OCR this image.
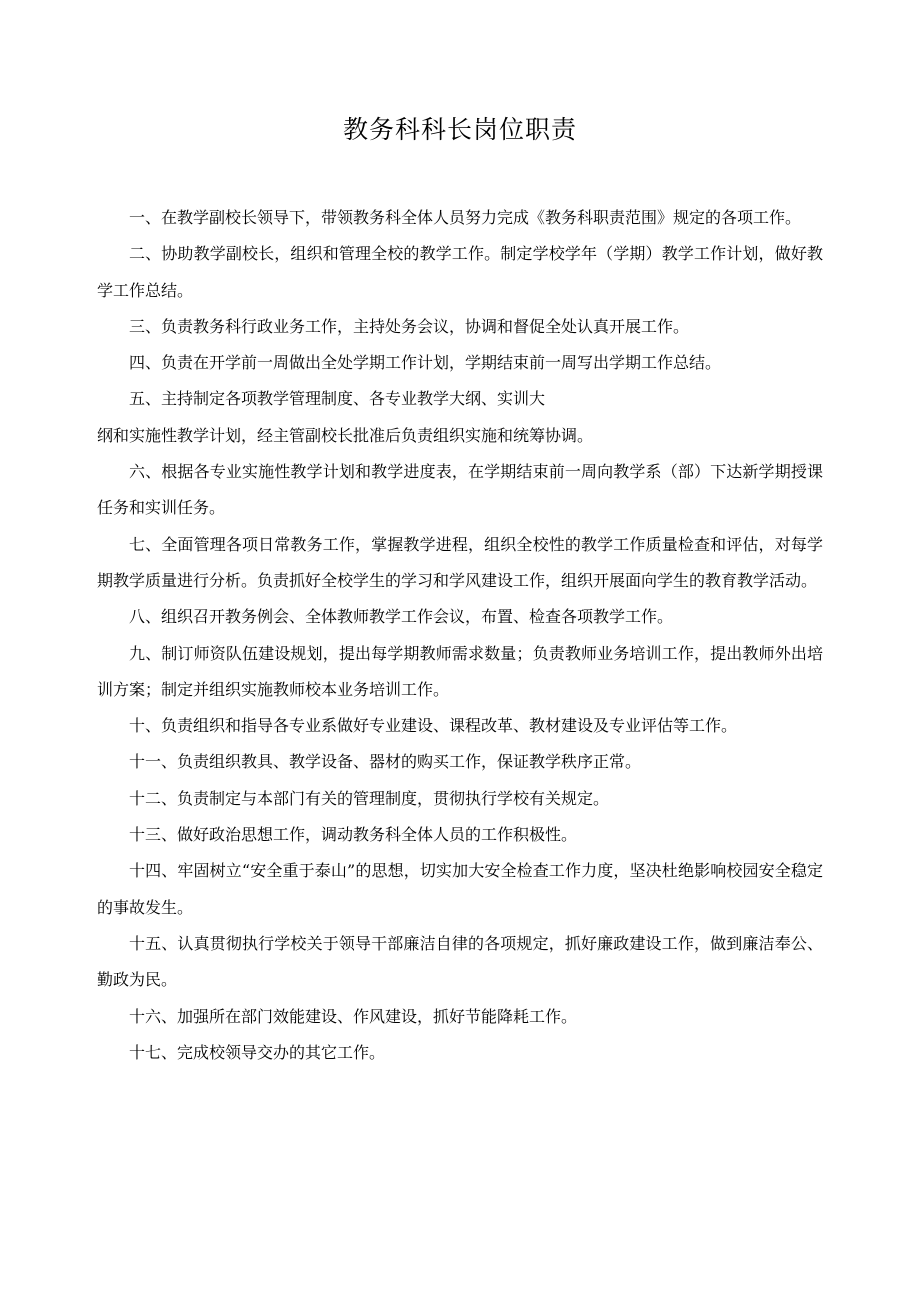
教务科科长岗位职责

一、在教学副校长领导下，带领教务科全体人员努力完成《教务科职责范围》规定的各项工作。

二、协助教学副校长，组织和管理全校的教学工作。制定学校学年（学期）教学工作计划，做好教学工作总结。

三、负责教务科行政业务工作，主持处务会议，协调和督促全处认真开展工作。

四、负责在开学前一周做出全处学期工作计划，学期结束前一周写出学期工作总结。

五、主持制定各项教学管理制度、各专业教学大纲、实训大

纲和实施性教学计划，经主管副校长批准后负责组织实施和统筹协调。

六、根据各专业实施性教学计划和教学进度表，在学期结束前一周向教学系（部）下达新学期授课任务和实训任务。

七、全面管理各项日常教务工作，掌握教学进程，组织全校性的教学工作质量检查和评估，对每学期教学质量进行分析。负责抓好全校学生的学习和学风建设工作，组织开展面向学生的教育教学活动。

八、组织召开教务例会、全体教师教学工作会议，布置、检查各项教学工作。

九、制订师资队伍建设规划，提出每学期教师需求数量；负责教师业务培训工作，提出教师外出培训方案；制定并组织实施教师校本业务培训工作。

十、负责组织和指导各专业系做好专业建设、课程改革、教材建设及专业评估等工作。

十一、负责组织教具、教学设备、器材的购买工作，保证教学秩序正常。

十二、负责制定与本部门有关的管理制度，贯彻执行学校有关规定。

十三、做好政治思想工作，调动教务科全体人员的工作积极性。

十四、牢固树立“安全重于泰山”的思想，切实加大安全检查工作力度，坚决杜绝影响校园安全稳定的事故发生。

十五、认真贯彻执行学校关于领导干部廉洁自律的各项规定，抓好廉政建设工作，做到廉洁奉公、勤政为民。

十六、加强所在部门效能建设、作风建设，抓好节能降耗工作。

十七、完成校领导交办的其它工作。
